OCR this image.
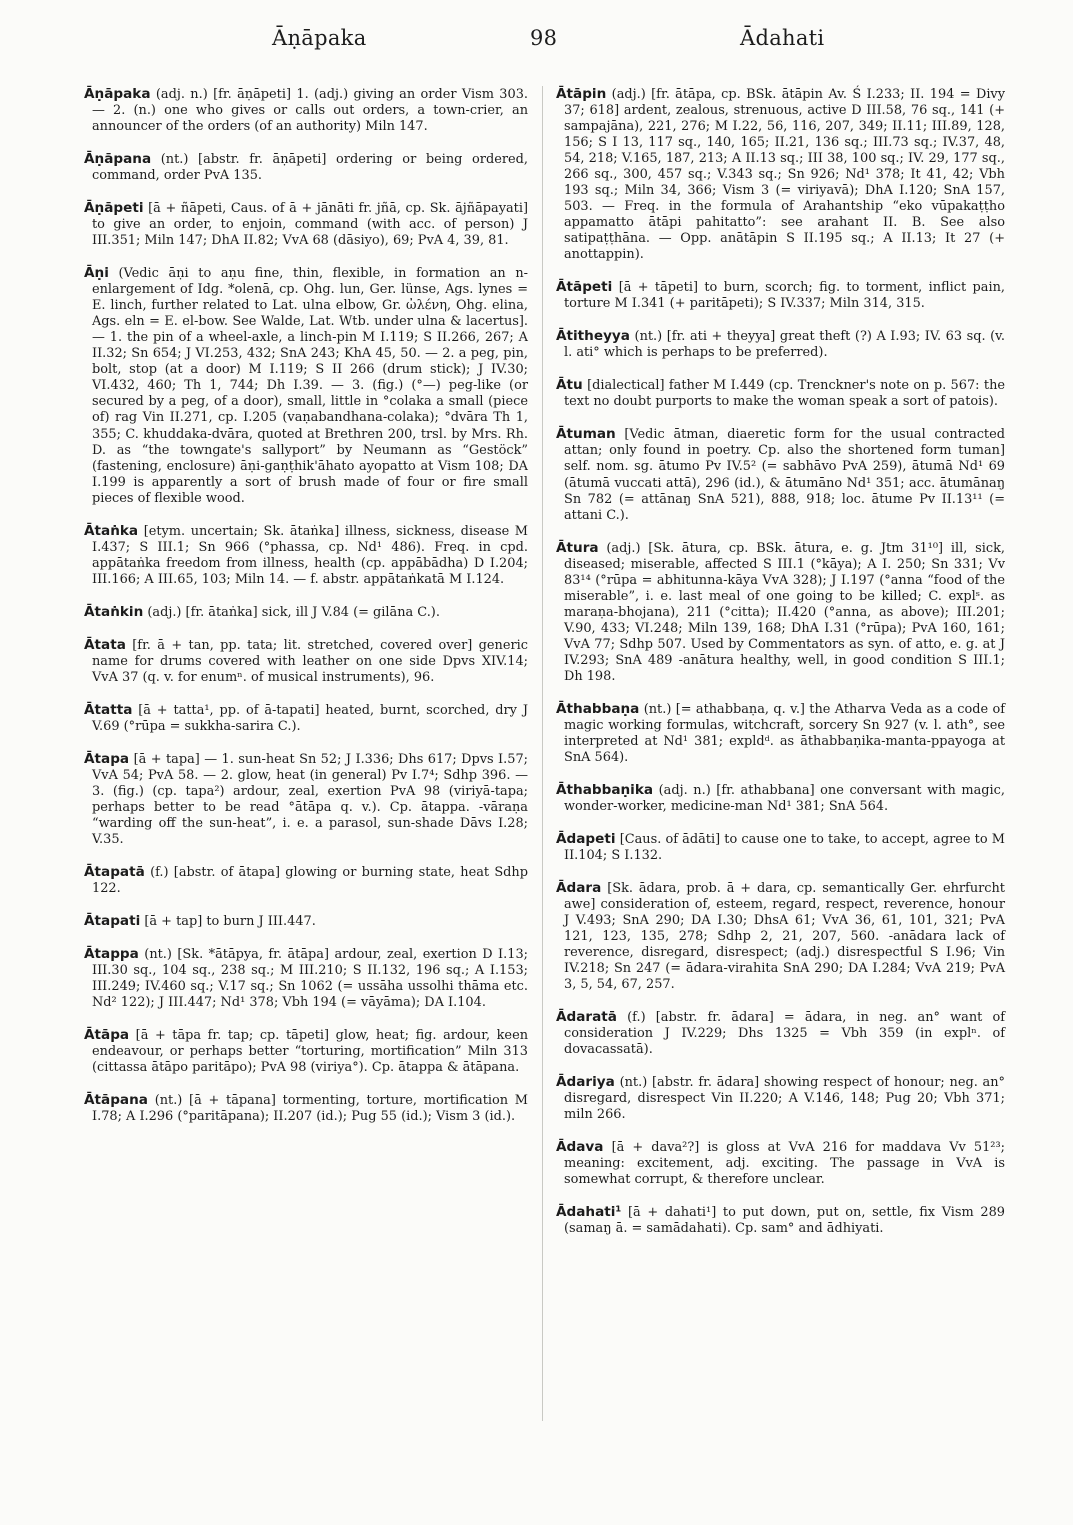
Āṇāpaka	98	Ādahati

Āṇāpaka (adj. n.) [fr. āṇāpeti] 1. (adj.) giving an order Vism 303. — 2. (n.) one who gives or calls out orders, a town-crier, an announcer of the orders (of an authority) Miln 147.

Āṇāpana (nt.) [abstr. fr. āṇāpeti] ordering or being ordered, command, order PvA 135.

Āṇāpeti [ā + ñāpeti, Caus. of ā + jānāti fr. jñā, cp. Sk. ājñāpayati] to give an order, to enjoin, command (with acc. of person) J III.351; Miln 147; DhA II.82; VvA 68 (dāsiyo), 69; PvA 4, 39, 81.

Āṇi (Vedic āṇi to aṇu fine, thin, flexible, in formation an n-enlargement of Idg. *olenā, cp. Ohg. lun, Ger. lünse, Ags. lynes = E. linch, further related to Lat. ulna elbow, Gr. ὠλένη, Ohg. elina, Ags. eln = E. el-bow. See Walde, Lat. Wtb. under ulna & lacertus]. — 1. the pin of a wheel-axle, a linch-pin M I.119; S II.266, 267; A II.32; Sn 654; J VI.253, 432; SnA 243; KhA 45, 50. — 2. a peg, pin, bolt, stop (at a door) M I.119; S II 266 (drum stick); J IV.30; VI.432, 460; Th 1, 744; Dh I.39. — 3. (fig.) (°—) peg-like (or secured by a peg, of a door), small, little in °colaka a small (piece of) rag Vin II.271, cp. I.205 (vaṇabandhana-colaka); °dvāra Th 1, 355; C. khuddaka-dvāra, quoted at Brethren 200, trsl. by Mrs. Rh. D. as “the towngate's sallyport” by Neumann as “Gestöck” (fastening, enclosure) āṇi-gaṇṭhik'āhato ayopatto at Vism 108; DA I.199 is apparently a sort of brush made of four or fire small pieces of flexible wood.

Ātaṅka [etym. uncertain; Sk. ātaṅka] illness, sickness, disease M I.437; S III.1; Sn 966 (°phassa, cp. Nd¹ 486). Freq. in cpd. appātaṅka freedom from illness, health (cp. appābādha) D I.204; III.166; A III.65, 103; Miln 14. — f. abstr. appātaṅkatā M I.124.

Ātaṅkin (adj.) [fr. ātaṅka] sick, ill J V.84 (= gilāna C.).

Ātata [fr. ā + tan, pp. tata; lit. stretched, covered over] generic name for drums covered with leather on one side Dpvs XIV.14; VvA 37 (q. v. for enumⁿ. of musical instruments), 96.

Ātatta [ā + tatta¹, pp. of ā-tapati] heated, burnt, scorched, dry J V.69 (°rūpa = sukkha-sarira C.).

Ātapa [ā + tapa] — 1. sun-heat Sn 52; J I.336; Dhs 617; Dpvs I.57; VvA 54; PvA 58. — 2. glow, heat (in general) Pv I.7⁴; Sdhp 396. — 3. (fig.) (cp. tapa²) ardour, zeal, exertion PvA 98 (viriyā-tapa; perhaps better to be read °ātāpa q. v.). Cp. ātappa. -vāraṇa “warding off the sun-heat”, i. e. a parasol, sun-shade Dāvs I.28; V.35.

Ātapatā (f.) [abstr. of ātapa] glowing or burning state, heat Sdhp 122.

Ātapati [ā + tap] to burn J III.447.

Ātappa (nt.) [Sk. *ātāpya, fr. ātāpa] ardour, zeal, exertion D I.13; III.30 sq., 104 sq., 238 sq.; M III.210; S II.132, 196 sq.; A I.153; III.249; IV.460 sq.; V.17 sq.; Sn 1062 (= ussāha ussolhi thāma etc. Nd² 122); J III.447; Nd¹ 378; Vbh 194 (= vāyāma); DA I.104.

Ātāpa [ā + tāpa fr. tap; cp. tāpeti] glow, heat; fig. ardour, keen endeavour, or perhaps better “torturing, mortification” Miln 313 (cittassa ātāpo paritāpo); PvA 98 (viriya°). Cp. ātappa & ātāpana.

Ātāpana (nt.) [ā + tāpana] tormenting, torture, mortification M I.78; A I.296 (°paritāpana); II.207 (id.); Pug 55 (id.); Vism 3 (id.).

Ātāpin (adj.) [fr. ātāpa, cp. BSk. ātāpin Av. Ś I.233; II. 194 = Divy 37; 618] ardent, zealous, strenuous, active D III.58, 76 sq., 141 (+ sampajāna), 221, 276; M I.22, 56, 116, 207, 349; II.11; III.89, 128, 156; S I 13, 117 sq., 140, 165; II.21, 136 sq.; III.73 sq.; IV.37, 48, 54, 218; V.165, 187, 213; A II.13 sq.; III 38, 100 sq.; IV. 29, 177 sq., 266 sq., 300, 457 sq.; V.343 sq.; Sn 926; Nd¹ 378; It 41, 42; Vbh 193 sq.; Miln 34, 366; Vism 3 (= viriyavā); DhA I.120; SnA 157, 503. — Freq. in the formula of Arahantship “eko vūpakaṭṭho appamatto ātāpi pahitatto”: see arahant II. B. See also satipaṭṭhāna. — Opp. anātāpin S II.195 sq.; A II.13; It 27 (+ anottappin).

Ātāpeti [ā + tāpeti] to burn, scorch; fig. to torment, inflict pain, torture M I.341 (+ paritāpeti); S IV.337; Miln 314, 315.

Ātitheyya (nt.) [fr. ati + theyya] great theft (?) A I.93; IV. 63 sq. (v. l. ati° which is perhaps to be preferred).

Ātu [dialectical] father M I.449 (cp. Trenckner's note on p. 567: the text no doubt purports to make the woman speak a sort of patois).

Ātuman [Vedic ātman, diaeretic form for the usual contracted attan; only found in poetry. Cp. also the shortened form tuman] self. nom. sg. ātumo Pv IV.5² (= sabhāvo PvA 259), ātumā Nd¹ 69 (ātumā vuccati attā), 296 (id.), & ātumāno Nd¹ 351; acc. ātumānaŋ Sn 782 (= attānaŋ SnA 521), 888, 918; loc. ātume Pv II.13¹¹ (= attani C.).

Ātura (adj.) [Sk. ātura, cp. BSk. ātura, e. g. Jtm 31¹⁰] ill, sick, diseased; miserable, affected S III.1 (°kāya); A I. 250; Sn 331; Vv 83¹⁴ (°rūpa = abhitunna-kāya VvA 328); J I.197 (°anna “food of the miserable”, i. e. last meal of one going to be killed; C. explˢ. as maraṇa-bhojana), 211 (°citta); II.420 (°anna, as above); III.201; V.90, 433; VI.248; Miln 139, 168; DhA I.31 (°rūpa); PvA 160, 161; VvA 77; Sdhp 507. Used by Commentators as syn. of atto, e. g. at J IV.293; SnA 489 -anātura healthy, well, in good condition S III.1; Dh 198.

Āthabbaṇa (nt.) [= athabbaṇa, q. v.] the Atharva Veda as a code of magic working formulas, witchcraft, sorcery Sn 927 (v. l. ath°, see interpreted at Nd¹ 381; expldᵈ. as āthabbaṇika-manta-ppayoga at SnA 564).

Āthabbaṇika (adj. n.) [fr. athabbana] one conversant with magic, wonder-worker, medicine-man Nd¹ 381; SnA 564.

Ādapeti [Caus. of ādāti] to cause one to take, to accept, agree to M II.104; S I.132.

Ādara [Sk. ādara, prob. ā + dara, cp. semantically Ger. ehrfurcht awe] consideration of, esteem, regard, respect, reverence, honour J V.493; SnA 290; DA I.30; DhsA 61; VvA 36, 61, 101, 321; PvA 121, 123, 135, 278; Sdhp 2, 21, 207, 560. -anādara lack of reverence, disregard, disrespect; (adj.) disrespectful S I.96; Vin IV.218; Sn 247 (= ādara-virahita SnA 290; DA I.284; VvA 219; PvA 3, 5, 54, 67, 257.

Ādaratā (f.) [abstr. fr. ādara] = ādara, in neg. an° want of consideration J IV.229; Dhs 1325 = Vbh 359 (in explⁿ. of dovacassatā).

Ādariya (nt.) [abstr. fr. ādara] showing respect of honour; neg. an° disregard, disrespect Vin II.220; A V.146, 148; Pug 20; Vbh 371; miln 266.

Ādava [ā + dava²?] is gloss at VvA 216 for maddava Vv 51²³; meaning: excitement, adj. exciting. The passage in VvA is somewhat corrupt, & therefore unclear.

Ādahati¹ [ā + dahati¹] to put down, put on, settle, fix Vism 289 (samaŋ ā. = samādahati). Cp. sam° and ādhiyati.
